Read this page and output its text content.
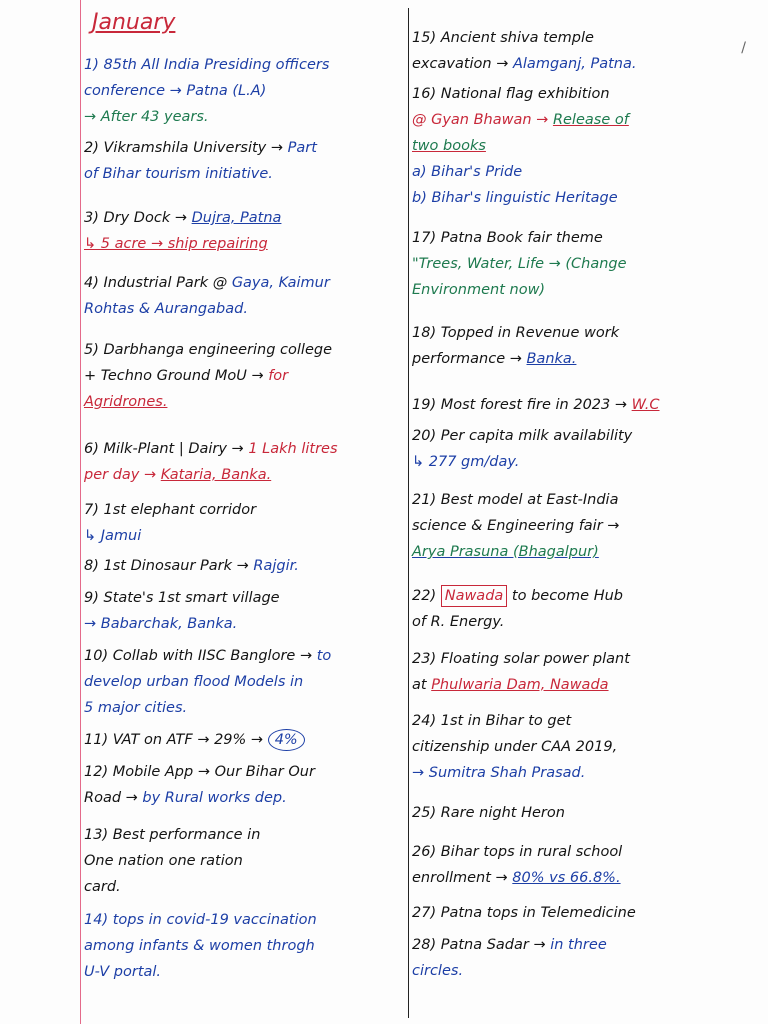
/
January
1) 85th All India Presiding officers
conference → Patna (L.A)
→ After 43 years.
2) Vikramshila University → Part
of Bihar tourism initiative.
3) Dry Dock → Dujra, Patna
↳ 5 acre → ship repairing
4) Industrial Park @ Gaya, Kaimur
Rohtas & Aurangabad.
5) Darbhanga engineering college
+ Techno Ground MoU → for
Agridrones.
6) Milk-Plant | Dairy → 1 Lakh litres
per day → Kataria, Banka.
7) 1st elephant corridor
↳ Jamui
8) 1st Dinosaur Park → Rajgir.
9) State's 1st smart village
→ Babarchak, Banka.
10) Collab with IISC Banglore → to
develop urban flood Models in
5 major cities.
11) VAT on ATF → 29% → 4%
12) Mobile App → Our Bihar Our
Road → by Rural works dep.
13) Best performance in
One nation one ration
card.
14) tops in covid-19 vaccination
among infants & women throgh
U-V portal.
15) Ancient shiva temple
excavation → Alamganj, Patna.
16) National flag exhibition
@ Gyan Bhawan → Release of
two books
a) Bihar's Pride
b) Bihar's linguistic Heritage
17) Patna Book fair theme
"Trees, Water, Life → (Change
Environment now)
18) Topped in Revenue work
performance → Banka.
19) Most forest fire in 2023 → W.C
20) Per capita milk availability
↳ 277 gm/day.
21) Best model at East-India
science & Engineering fair →
Arya Prasuna (Bhagalpur)
22) Nawada to become Hub
of R. Energy.
23) Floating solar power plant
at Phulwaria Dam, Nawada
24) 1st in Bihar to get
citizenship under CAA 2019,
→ Sumitra Shah Prasad.
25) Rare night Heron
26) Bihar tops in rural school
enrollment → 80% vs 66.8%.
27) Patna tops in Telemedicine
28) Patna Sadar → in three
circles.
